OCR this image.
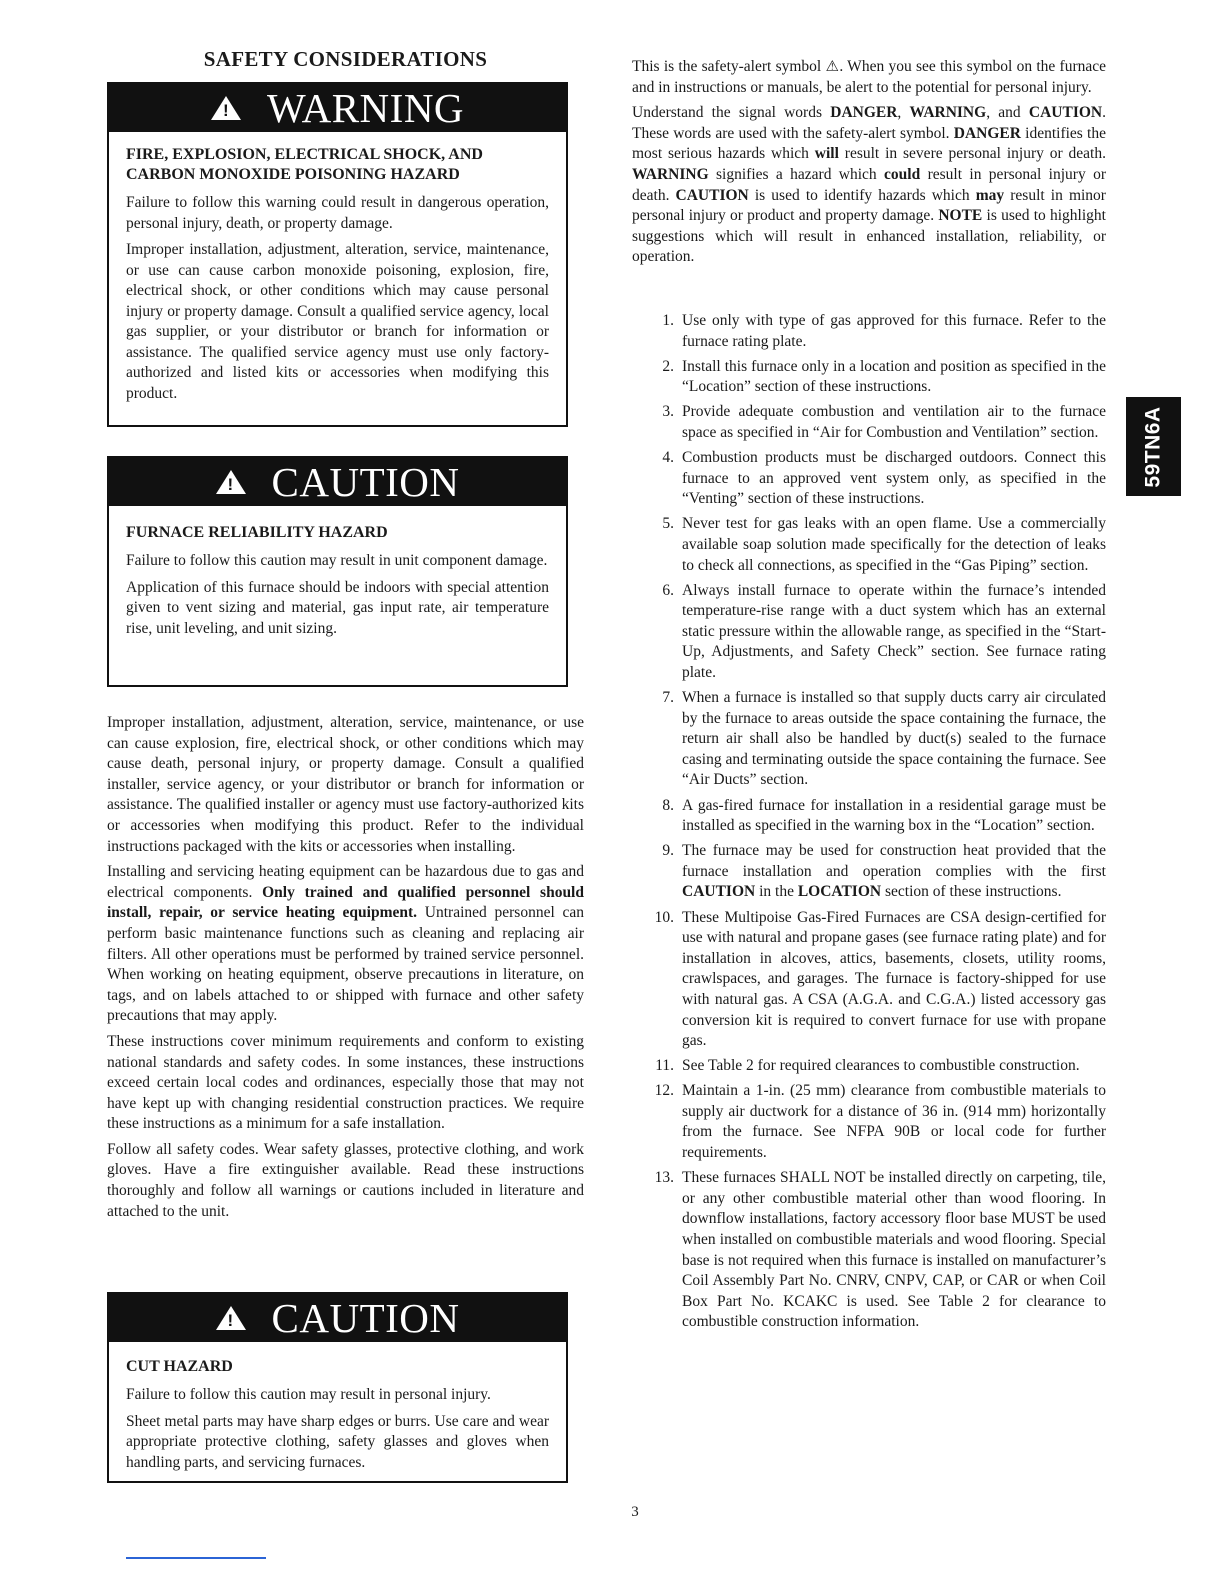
SAFETY CONSIDERATIONS
! WARNING
FIRE, EXPLOSION, ELECTRICAL SHOCK, AND CARBON MONOXIDE POISONING HAZARD

Failure to follow this warning could result in dangerous operation, personal injury, death, or property damage.

Improper installation, adjustment, alteration, service, maintenance, or use can cause carbon monoxide poisoning, explosion, fire, electrical shock, or other conditions which may cause personal injury or property damage. Consult a qualified service agency, local gas supplier, or your distributor or branch for information or assistance. The qualified service agency must use only factory-authorized and listed kits or accessories when modifying this product.

! CAUTION
FURNACE RELIABILITY HAZARD

Failure to follow this caution may result in unit component damage.

Application of this furnace should be indoors with special attention given to vent sizing and material, gas input rate, air temperature rise, unit leveling, and unit sizing.

Improper installation, adjustment, alteration, service, maintenance, or use can cause explosion, fire, electrical shock, or other conditions which may cause death, personal injury, or property damage. Consult a qualified installer, service agency, or your distributor or branch for information or assistance. The qualified installer or agency must use factory-authorized kits or accessories when modifying this product. Refer to the individual instructions packaged with the kits or accessories when installing.

Installing and servicing heating equipment can be hazardous due to gas and electrical components. Only trained and qualified personnel should install, repair, or service heating equipment. Untrained personnel can perform basic maintenance functions such as cleaning and replacing air filters. All other operations must be performed by trained service personnel. When working on heating equipment, observe precautions in literature, on tags, and on labels attached to or shipped with furnace and other safety precautions that may apply.

These instructions cover minimum requirements and conform to existing national standards and safety codes. In some instances, these instructions exceed certain local codes and ordinances, especially those that may not have kept up with changing residential construction practices. We require these instructions as a minimum for a safe installation.

Follow all safety codes. Wear safety glasses, protective clothing, and work gloves. Have a fire extinguisher available. Read these instructions thoroughly and follow all warnings or cautions included in literature and attached to the unit.

! CAUTION
CUT HAZARD

Failure to follow this caution may result in personal injury.

Sheet metal parts may have sharp edges or burrs. Use care and wear appropriate protective clothing, safety glasses and gloves when handling parts, and servicing furnaces.

This is the safety-alert symbol ⚠. When you see this symbol on the furnace and in instructions or manuals, be alert to the potential for personal injury.

Understand the signal words DANGER, WARNING, and CAUTION. These words are used with the safety-alert symbol. DANGER identifies the most serious hazards which will result in severe personal injury or death. WARNING signifies a hazard which could result in personal injury or death. CAUTION is used to identify hazards which may result in minor personal injury or product and property damage. NOTE is used to highlight suggestions which will result in enhanced installation, reliability, or operation.

1. Use only with type of gas approved for this furnace. Refer to the furnace rating plate.
2. Install this furnace only in a location and position as specified in the “Location” section of these instructions.
3. Provide adequate combustion and ventilation air to the furnace space as specified in “Air for Combustion and Ventilation” section.
4. Combustion products must be discharged outdoors. Connect this furnace to an approved vent system only, as specified in the “Venting” section of these instructions.
5. Never test for gas leaks with an open flame. Use a commercially available soap solution made specifically for the detection of leaks to check all connections, as specified in the “Gas Piping” section.
6. Always install furnace to operate within the furnace’s intended temperature-rise range with a duct system which has an external static pressure within the allowable range, as specified in the “Start-Up, Adjustments, and Safety Check” section. See furnace rating plate.
7. When a furnace is installed so that supply ducts carry air circulated by the furnace to areas outside the space containing the furnace, the return air shall also be handled by duct(s) sealed to the furnace casing and terminating outside the space containing the furnace. See “Air Ducts” section.
8. A gas-fired furnace for installation in a residential garage must be installed as specified in the warning box in the “Location” section.
9. The furnace may be used for construction heat provided that the furnace installation and operation complies with the first CAUTION in the LOCATION section of these instructions.
10. These Multipoise Gas-Fired Furnaces are CSA design-certified for use with natural and propane gases (see furnace rating plate) and for installation in alcoves, attics, basements, closets, utility rooms, crawlspaces, and garages. The furnace is factory-shipped for use with natural gas. A CSA (A.G.A. and C.G.A.) listed accessory gas conversion kit is required to convert furnace for use with propane gas.
11. See Table 2 for required clearances to combustible construction.
12. Maintain a 1-in. (25 mm) clearance from combustible materials to supply air ductwork for a distance of 36 in. (914 mm) horizontally from the furnace. See NFPA 90B or local code for further requirements.
13. These furnaces SHALL NOT be installed directly on carpeting, tile, or any other combustible material other than wood flooring. In downflow installations, factory accessory floor base MUST be used when installed on combustible materials and wood flooring. Special base is not required when this furnace is installed on manufacturer’s Coil Assembly Part No. CNRV, CNPV, CAP, or CAR or when Coil Box Part No. KCAKC is used. See Table 2 for clearance to combustible construction information.
59TN6A
3
